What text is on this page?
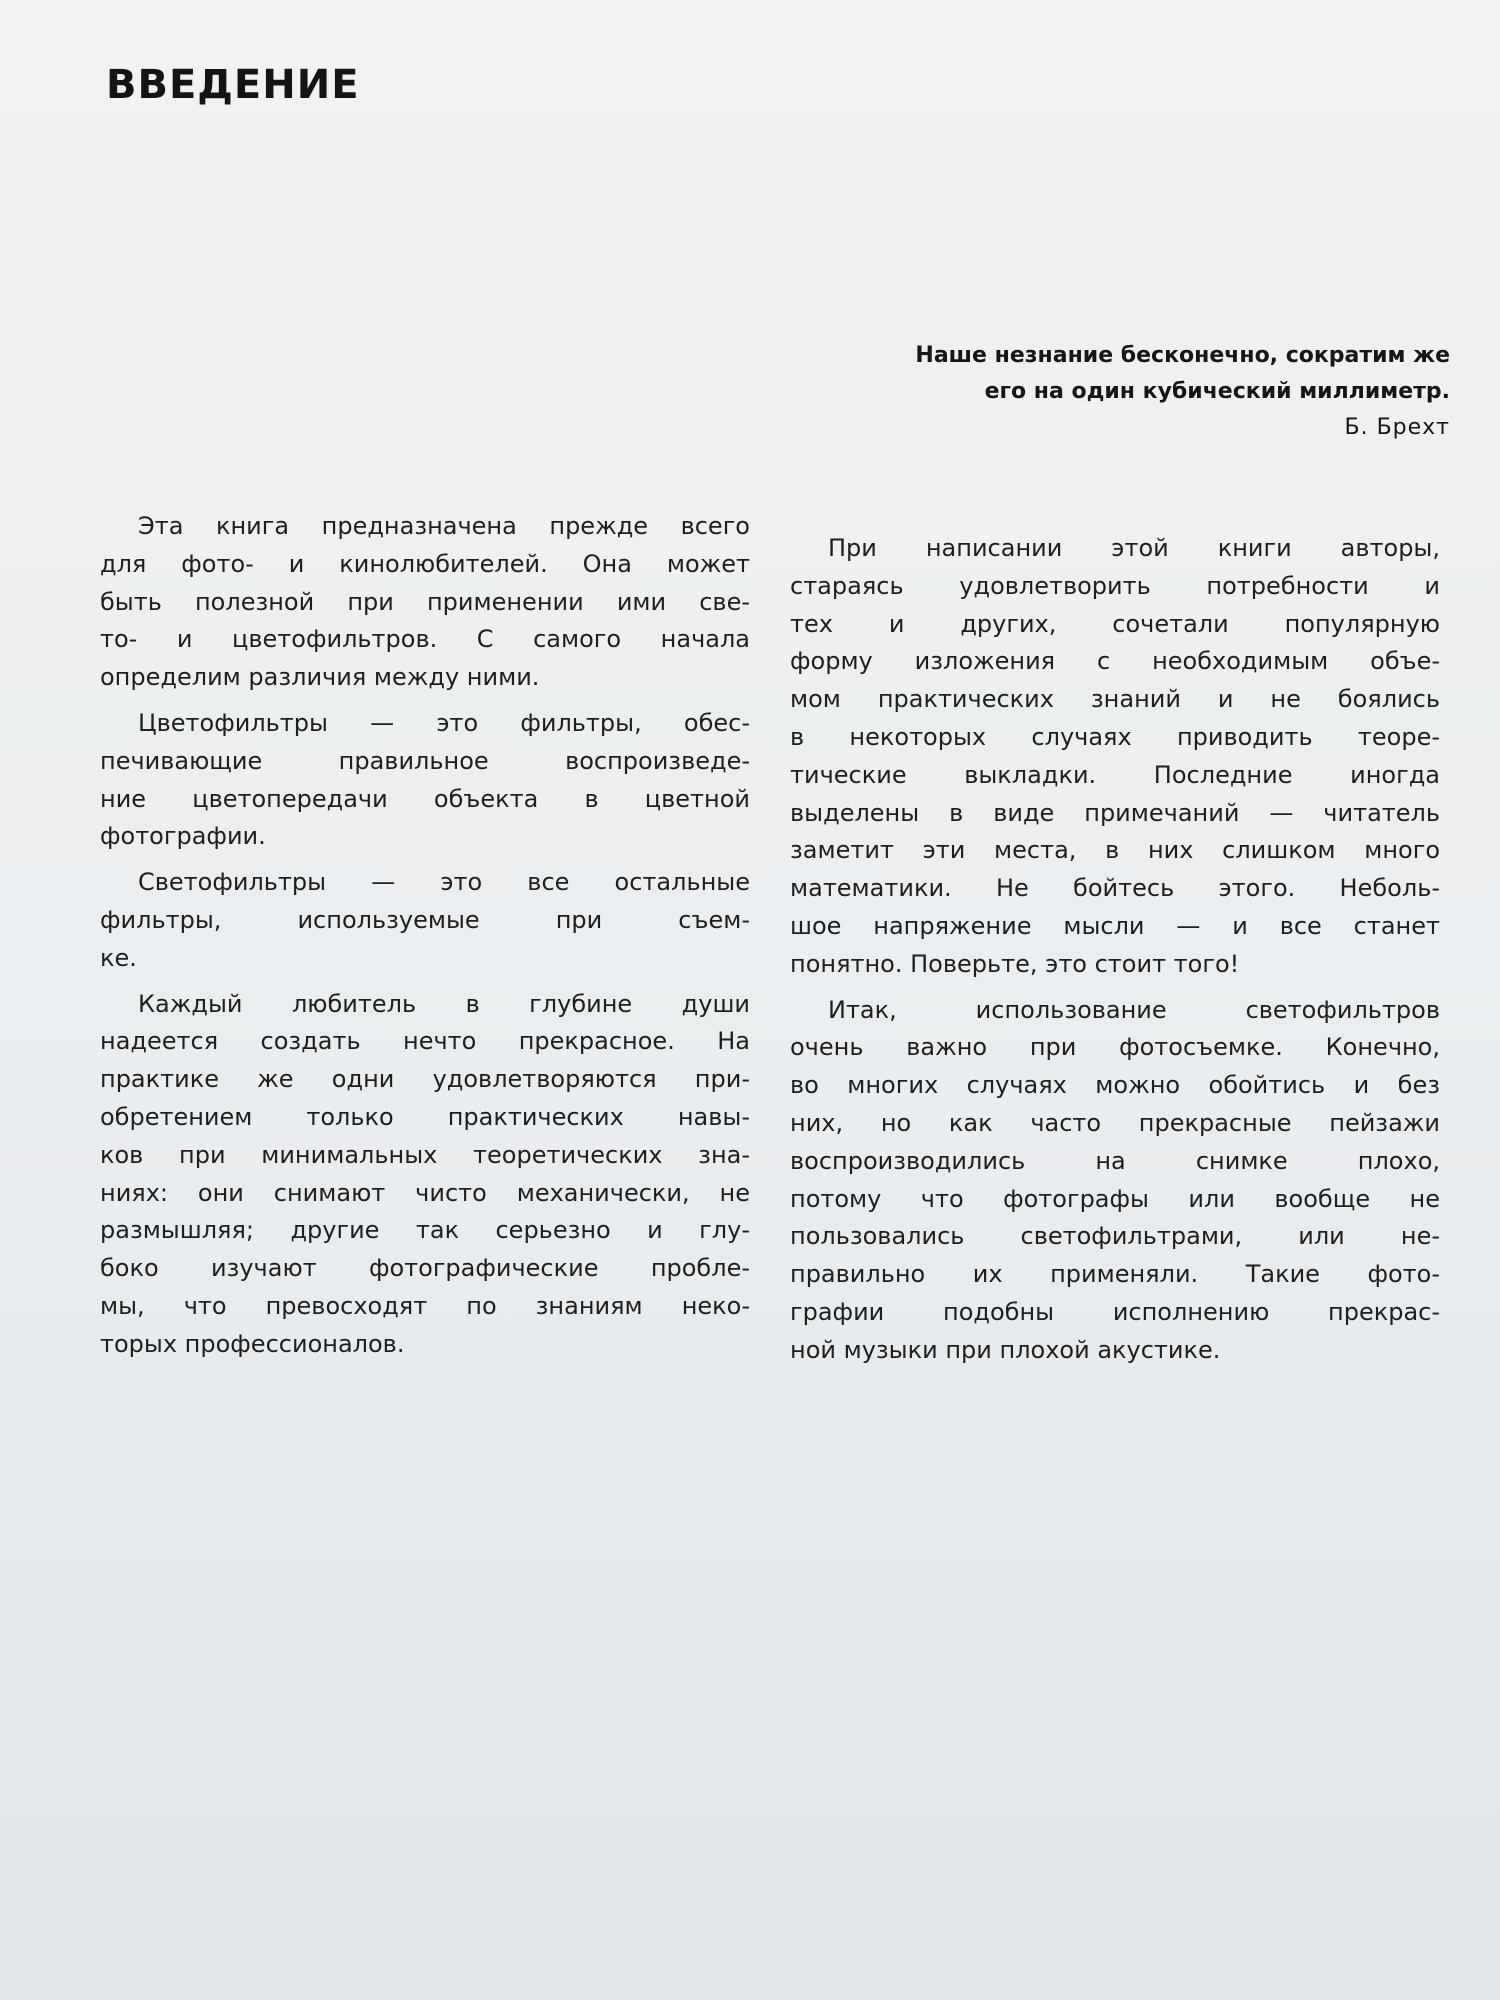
ВВЕДЕНИЕ
Наше незнание бесконечно, сократим же
его на один кубический миллиметр.
Б. Брехт
Эта книга предназначена прежде всего
для фото- и кинолюбителей. Она может
быть полезной при применении ими све-
то- и цветофильтров. С самого начала
определим различия между ними.
Цветофильтры — это фильтры, обес-
печивающие правильное воспроизведе-
ние цветопередачи объекта в цветной
фотографии.
Светофильтры — это все остальные
фильтры, используемые при съем-
ке.
Каждый любитель в глубине души
надеется создать нечто прекрасное. На
практике же одни удовлетворяются при-
обретением только практических навы-
ков при минимальных теоретических зна-
ниях: они снимают чисто механически, не
размышляя; другие так серьезно и глу-
боко изучают фотографические пробле-
мы, что превосходят по знаниям неко-
торых профессионалов.
При написании этой книги авторы,
стараясь удовлетворить потребности и
тех и других, сочетали популярную
форму изложения с необходимым объе-
мом практических знаний и не боялись
в некоторых случаях приводить теоре-
тические выкладки. Последние иногда
выделены в виде примечаний — читатель
заметит эти места, в них слишком много
математики. Не бойтесь этого. Неболь-
шое напряжение мысли — и все станет
понятно. Поверьте, это стоит того!
Итак, использование светофильтров
очень важно при фотосъемке. Конечно,
во многих случаях можно обойтись и без
них, но как часто прекрасные пейзажи
воспроизводились на снимке плохо,
потому что фотографы или вообще не
пользовались светофильтрами, или не-
правильно их применяли. Такие фото-
графии подобны исполнению прекрас-
ной музыки при плохой акустике.
